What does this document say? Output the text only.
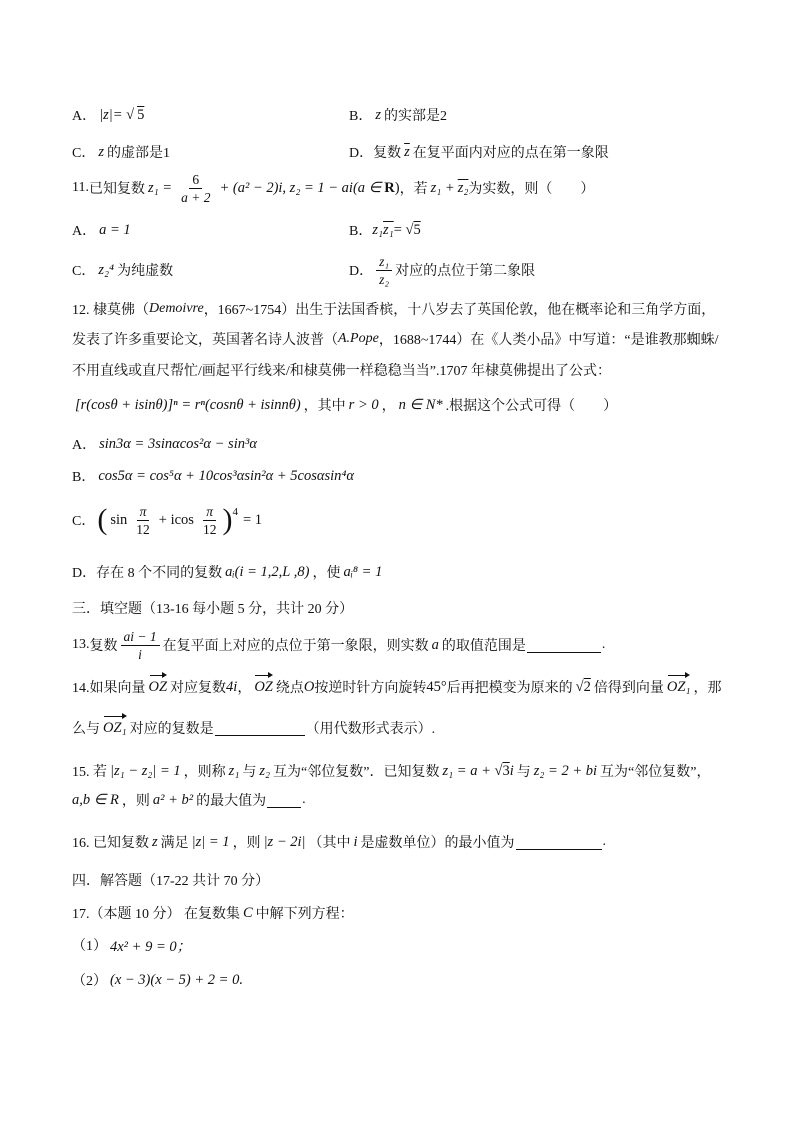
A． |z|= √ 5	B． z 的实部是2
C． z 的虚部是1	D． 复数 $\overline{z}$ 在复平面内对应的点在第一象限
11. 已知复数 $z_1 = \frac{6}{a + 2} + (a^2 - 2)i$, z₂ = 1 − ai(a ∈ R ) ，若 z₁ + z₂ 为实数，则（　　）
A． a = 1	B． z₁ z₁ = √ 5
C． z₂⁴ 为纯虚数	D． $\frac{\text{z₁}}{\text{z₂}}$ 对应的点位于第二象限
12. 棣莫佛（ Demoivre ，1667~1754）出生于法国香槟，十八岁去了英国伦敦，他在概率论和三角学方面，
发表了许多重要论文，英国著名诗人波普（ A.Pope ，1688~1744）在《人类小品》中写道：“是谁教那蜘蛛/
不用直线或直尺帮忙/画起平行线来/和棣莫佛一样稳稳当当”.1707 年棣莫佛提出了公式：
[r(cosθ + isinθ)]ⁿ = rⁿ(cosnθ + isinnθ) ，其中 r > 0 ， n ∈ N* .根据这个公式可得（　　）
A． sin3α = 3sinαcos²α − sin³α
B． cos5α = cos⁵α + 10cos³αsin²α + 5cosαsin⁴α
C． ( $\sin \frac{\pi}{12} + icos \frac{\pi}{12}$ ) 4 = 1
D． 存在 8 个不同的复数 aᵢ(i = 1,2,L ,8) ，使 aᵢ⁸ = 1
三．填空题（13-16 每小题 5 分，共计 20 分）
13. 复数 $\frac{ai - 1}{i}$ 在复平面上对应的点位于第一象限，则实数 a 的取值范围是	.
14.如果向量 OZ 对应复数 4i ， OZ 绕点 O 按逆时针方向旋转 45° 后再把模变为原来的 √ 2 倍得到向量 OZ₁ ，那
么与 OZ₁ 对应的复数是	（用代数形式表示）.
15. 若 |z₁ − z₂| = 1 ，则称 z₁ 与 z₂ 互为“邻位复数”．已知复数 z₁ = a + √ 3 i 与 z₂ = 2 + bi 互为“邻位复数”，
a,b ∈ R ，则 a² + b² 的最大值为	.
16. 已知复数 z 满足 |z| = 1 ，则 |z − 2i| （其中 i 是虚数单位）的最小值为	.
四．解答题（17-22 共计 70 分）
17.（本题 10 分） 在复数集 C 中解下列方程：
（1） 4x² + 9 = 0；
（2） (x − 3)(x − 5) + 2 = 0.
